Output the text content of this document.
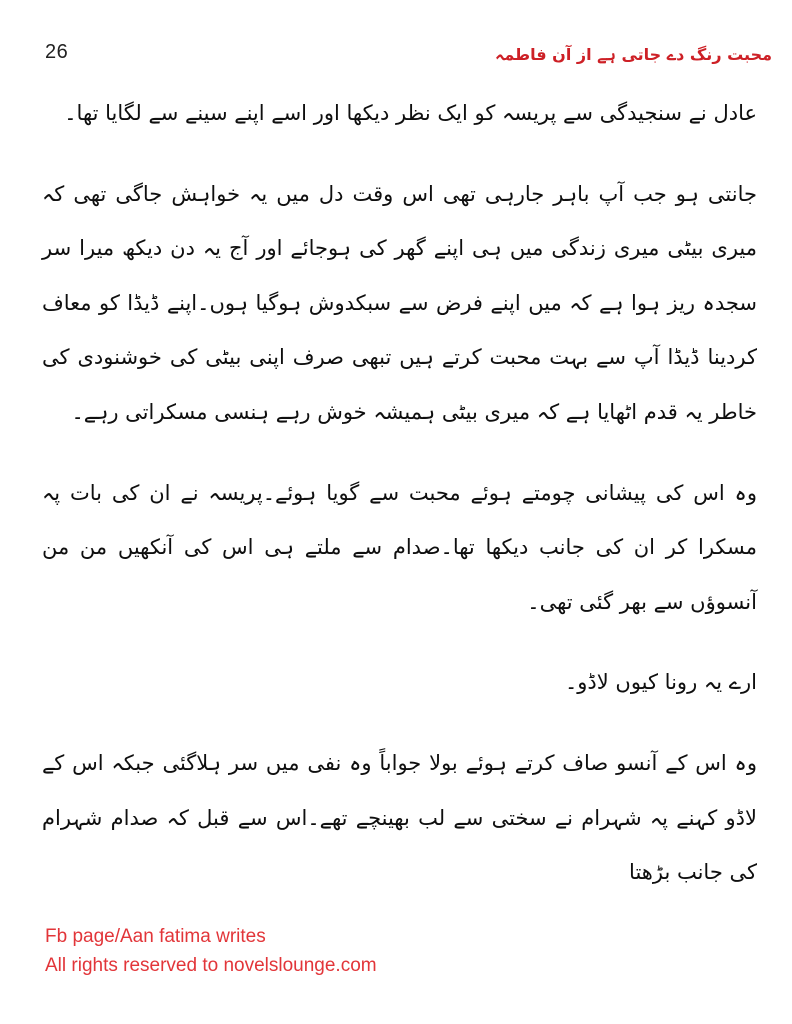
26	محبت رنگ دے جاتی ہے از آن فاطمہ

عادل نے سنجیدگی سے پریسہ کو ایک نظر دیکھا اور اسے اپنے سینے سے لگایا تھا۔

جانتی ہو جب آپ باہر جارہی تھی اس وقت دل میں یہ خواہش جاگی تھی کہ میری بیٹی میری زندگی میں ہی اپنے گھر کی ہوجائے اور آج یہ دن دیکھ میرا سر سجدہ ریز ہوا ہے کہ میں اپنے فرض سے سبکدوش ہوگیا ہوں۔اپنے ڈیڈا کو معاف کردینا ڈیڈا آپ سے بہت محبت کرتے ہیں تبھی صرف اپنی بیٹی کی خوشنودی کی خاطر یہ قدم اٹھایا ہے کہ میری بیٹی ہمیشہ خوش رہے ہنسی مسکراتی رہے۔

وہ اس کی پیشانی چومتے ہوئے محبت سے گویا ہوئے۔پریسہ نے ان کی بات پہ مسکرا کر ان کی جانب دیکھا تھا۔صدام سے ملتے ہی اس کی آنکھیں من من آنسوؤں سے بھر گئی تھی۔

ارے یہ رونا کیوں لاڈو۔

وہ اس کے آنسو صاف کرتے ہوئے بولا جواباً وہ نفی میں سر ہلاگئی جبکہ اس کے لاڈو کہنے پہ شہرام نے سختی سے لب بھینچے تھے۔اس سے قبل کہ صدام شہرام کی جانب بڑھتا

Fb page/Aan fatima writes
All rights reserved to novelslounge.com
